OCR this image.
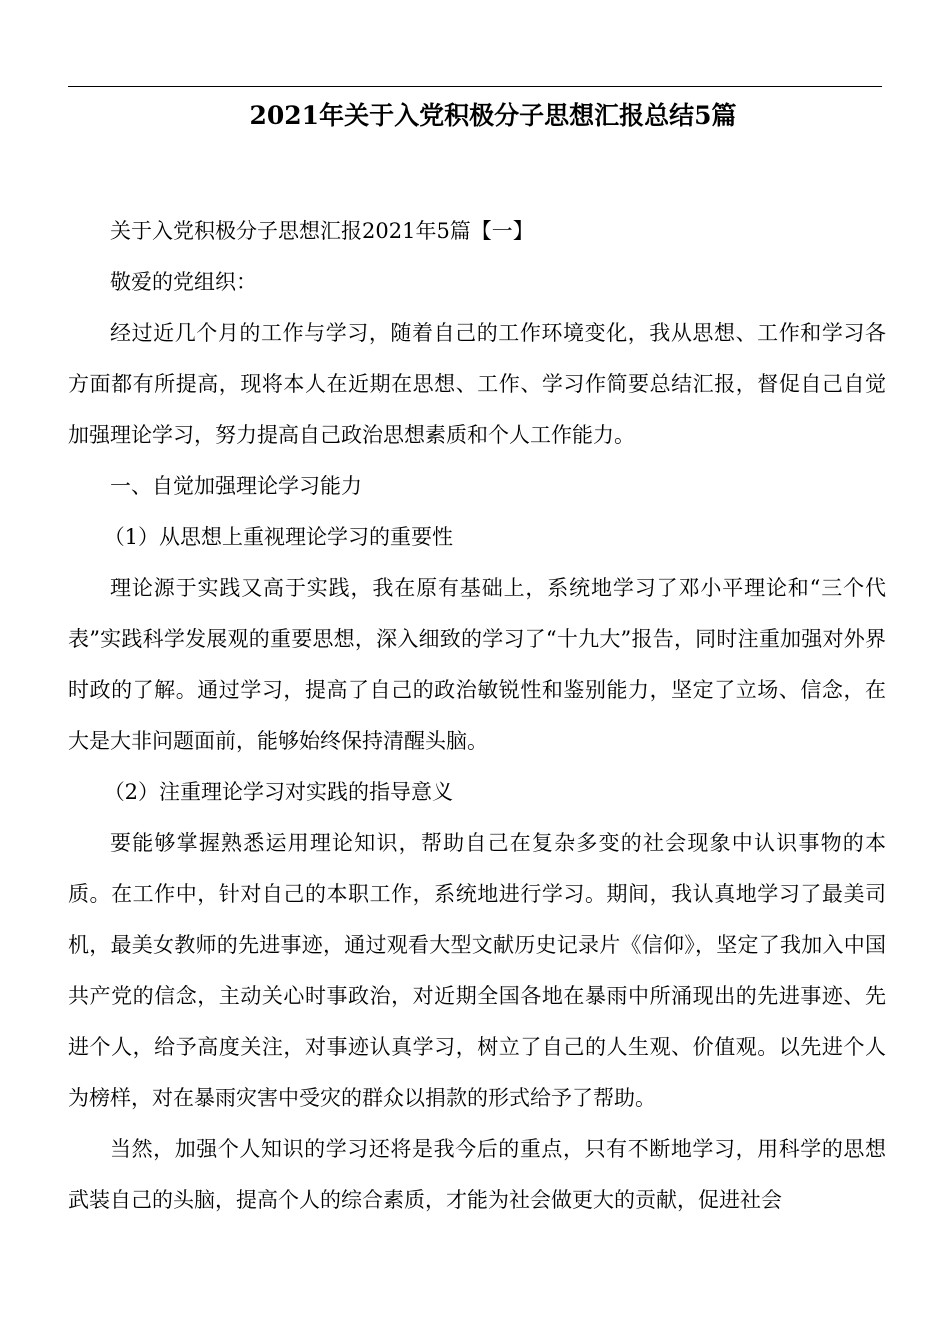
2021年关于入党积极分子思想汇报总结5篇

关于入党积极分子思想汇报2021年5篇【一】

敬爱的党组织：

经过近几个月的工作与学习，随着自己的工作环境变化，我从思想、工作和学习各方面都有所提高，现将本人在近期在思想、工作、学习作简要总结汇报，督促自己自觉加强理论学习，努力提高自己政治思想素质和个人工作能力。

一、自觉加强理论学习能力

（1）从思想上重视理论学习的重要性

理论源于实践又高于实践，我在原有基础上，系统地学习了邓小平理论和“三个代表”实践科学发展观的重要思想，深入细致的学习了“十九大”报告，同时注重加强对外界时政的了解。通过学习，提高了自己的政治敏锐性和鉴别能力，坚定了立场、信念，在大是大非问题面前，能够始终保持清醒头脑。

（2）注重理论学习对实践的指导意义

要能够掌握熟悉运用理论知识，帮助自己在复杂多变的社会现象中认识事物的本质。在工作中，针对自己的本职工作，系统地进行学习。期间，我认真地学习了最美司机，最美女教师的先进事迹，通过观看大型文献历史记录片《信仰》，坚定了我加入中国共产党的信念，主动关心时事政治，对近期全国各地在暴雨中所涌现出的先进事迹、先进个人，给予高度关注，对事迹认真学习，树立了自己的人生观、价值观。以先进个人为榜样，对在暴雨灾害中受灾的群众以捐款的形式给予了帮助。

当然，加强个人知识的学习还将是我今后的重点，只有不断地学习，用科学的思想武装自己的头脑，提高个人的综合素质，才能为社会做更大的贡献，促进社会
